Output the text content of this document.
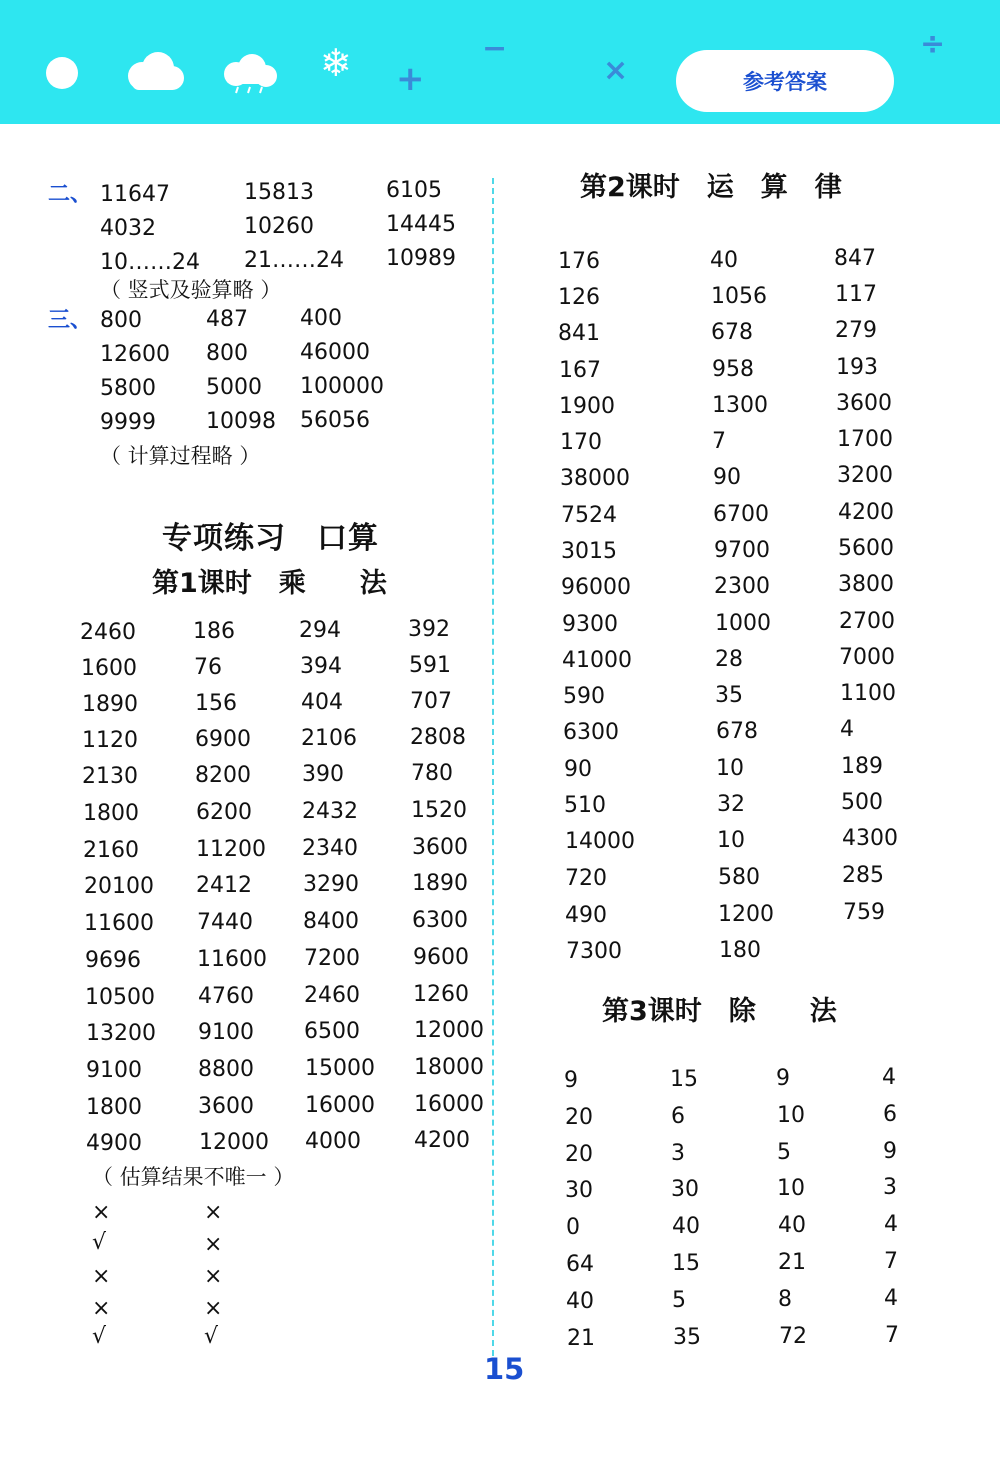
❄ +
−
×
÷
参考答案
二、 11647	15813	6105
4032	10260	14445
10……24 21……24 10989
（ 竖式及验算略 ）
三、 800	487 400
12600 800 46000
5800 5000 100000
9999 10098 56056
（ 计算过程略 ）
专项练习　口算
第1课时　乘　　法
2460	186	294	392
1600	76	394	591
1890	156	404	707
1120	6900 2106 2808
2130	8200 390	780
1800	6200 2432 1520
2160	11200 2340 3600
20100 2412 3290 1890
11600 7440 8400 6300
9696	11600 7200 9600
10500 4760 2460 1260
13200 9100 6500 12000
9100	8800 15000 18000
1800	3600 16000 16000
4900	12000 4000 4200
（ 估算结果不唯一 ）
×	×
√	×
×	×
×	×
√	√
第2课时　运　算　律
176	40	847
126	1056	117
841	678	279
167	958	193
1900	1300	3600
170	7	1700
38000	90	3200
7524	6700	4200
3015	9700	5600
96000	2300	3800
9300	1000	2700
41000	28	7000
590	35	1100
6300	678	4
90	10	189
510	32	500
14000	10	4300
720	580	285
490	1200	759
7300	180
第3课时　除　　法
9	15	9	4
20	6	10	6
20	3	5	9
30	30	10	3
0	40	40	4
64	15	21	7
40	5	8	4
21	35	72	7
15
